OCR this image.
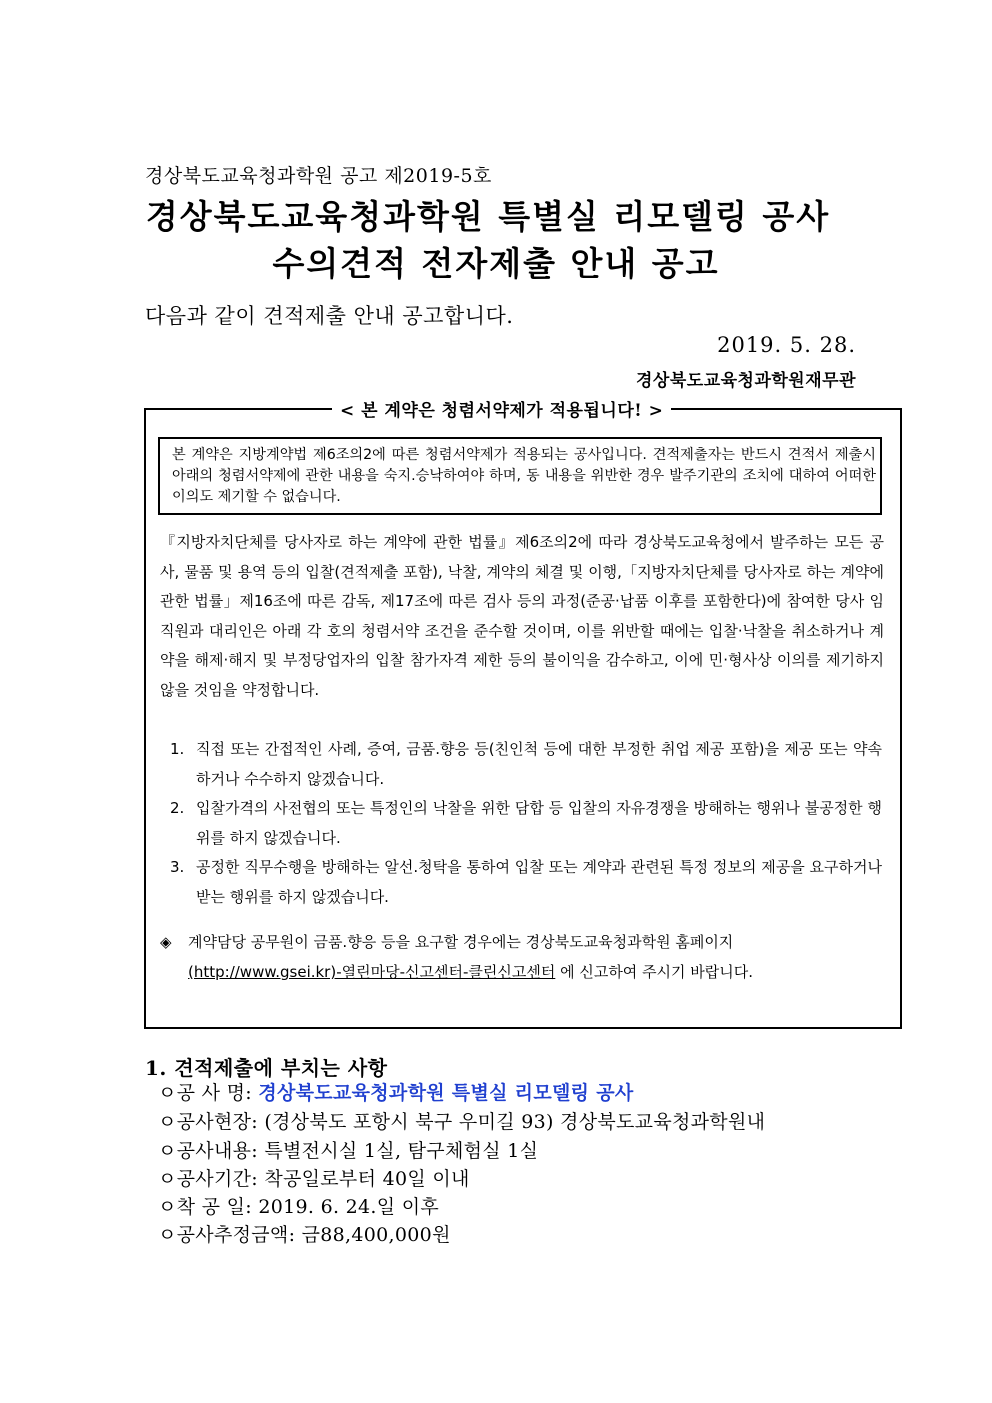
경상북도교육청과학원 공고 제2019-5호
경상북도교육청과학원 특별실 리모델링 공사
수의견적 전자제출 안내 공고
다음과 같이 견적제출 안내 공고합니다.
2019. 5. 28.
경상북도교육청과학원재무관
< 본 계약은 청렴서약제가 적용됩니다! >
본 계약은 지방계약법 제6조의2에 따른 청렴서약제가 적용되는 공사입니다. 견적제출자는 반드시 견적서 제출시 아래의 청렴서약제에 관한 내용을 숙지.승낙하여야 하며, 동 내용을 위반한 경우 발주기관의 조치에 대하여 어떠한 이의도 제기할 수 없습니다.
『지방자치단체를 당사자로 하는 계약에 관한 법률』제6조의2에 따라 경상북도교육청에서 발주하는 모든 공사, 물품 및 용역 등의 입찰(견적제출 포함), 낙찰, 계약의 체결 및 이행,「지방자치단체를 당사자로 하는 계약에 관한 법률」제16조에 따른 감독, 제17조에 따른 검사 등의 과정(준공·납품 이후를 포함한다)에 참여한 당사 임직원과 대리인은 아래 각 호의 청렴서약 조건을 준수할 것이며, 이를 위반할 때에는 입찰·낙찰을 취소하거나 계약을 해제·해지 및 부정당업자의 입찰 참가자격 제한 등의 불이익을 감수하고, 이에 민·형사상 이의를 제기하지 않을 것임을 약정합니다.
1. 직접 또는 간접적인 사례, 증여, 금품.향응 등(친인척 등에 대한 부정한 취업 제공 포함)을 제공 또는 약속하거나 수수하지 않겠습니다.
2. 입찰가격의 사전협의 또는 특정인의 낙찰을 위한 담합 등 입찰의 자유경쟁을 방해하는 행위나 불공정한 행위를 하지 않겠습니다.
3. 공정한 직무수행을 방해하는 알선.청탁을 통하여 입찰 또는 계약과 관련된 특정 정보의 제공을 요구하거나 받는 행위를 하지 않겠습니다.
◈	계약담당 공무원이 금품.향응 등을 요구할 경우에는 경상북도교육청과학원 홈페이지 (http://www.gsei.kr)-열린마당-신고센터-클린신고센터 에 신고하여 주시기 바랍니다.
1. 견적제출에 부치는 사항
ㅇ공 사 명: 경상북도교육청과학원 특별실 리모델링 공사
ㅇ공사현장: (경상북도 포항시 북구 우미길 93) 경상북도교육청과학원내
ㅇ공사내용: 특별전시실 1실, 탐구체험실 1실
ㅇ공사기간: 착공일로부터 40일 이내
ㅇ착 공 일: 2019. 6. 24.일 이후
ㅇ공사추정금액: 금88,400,000원
